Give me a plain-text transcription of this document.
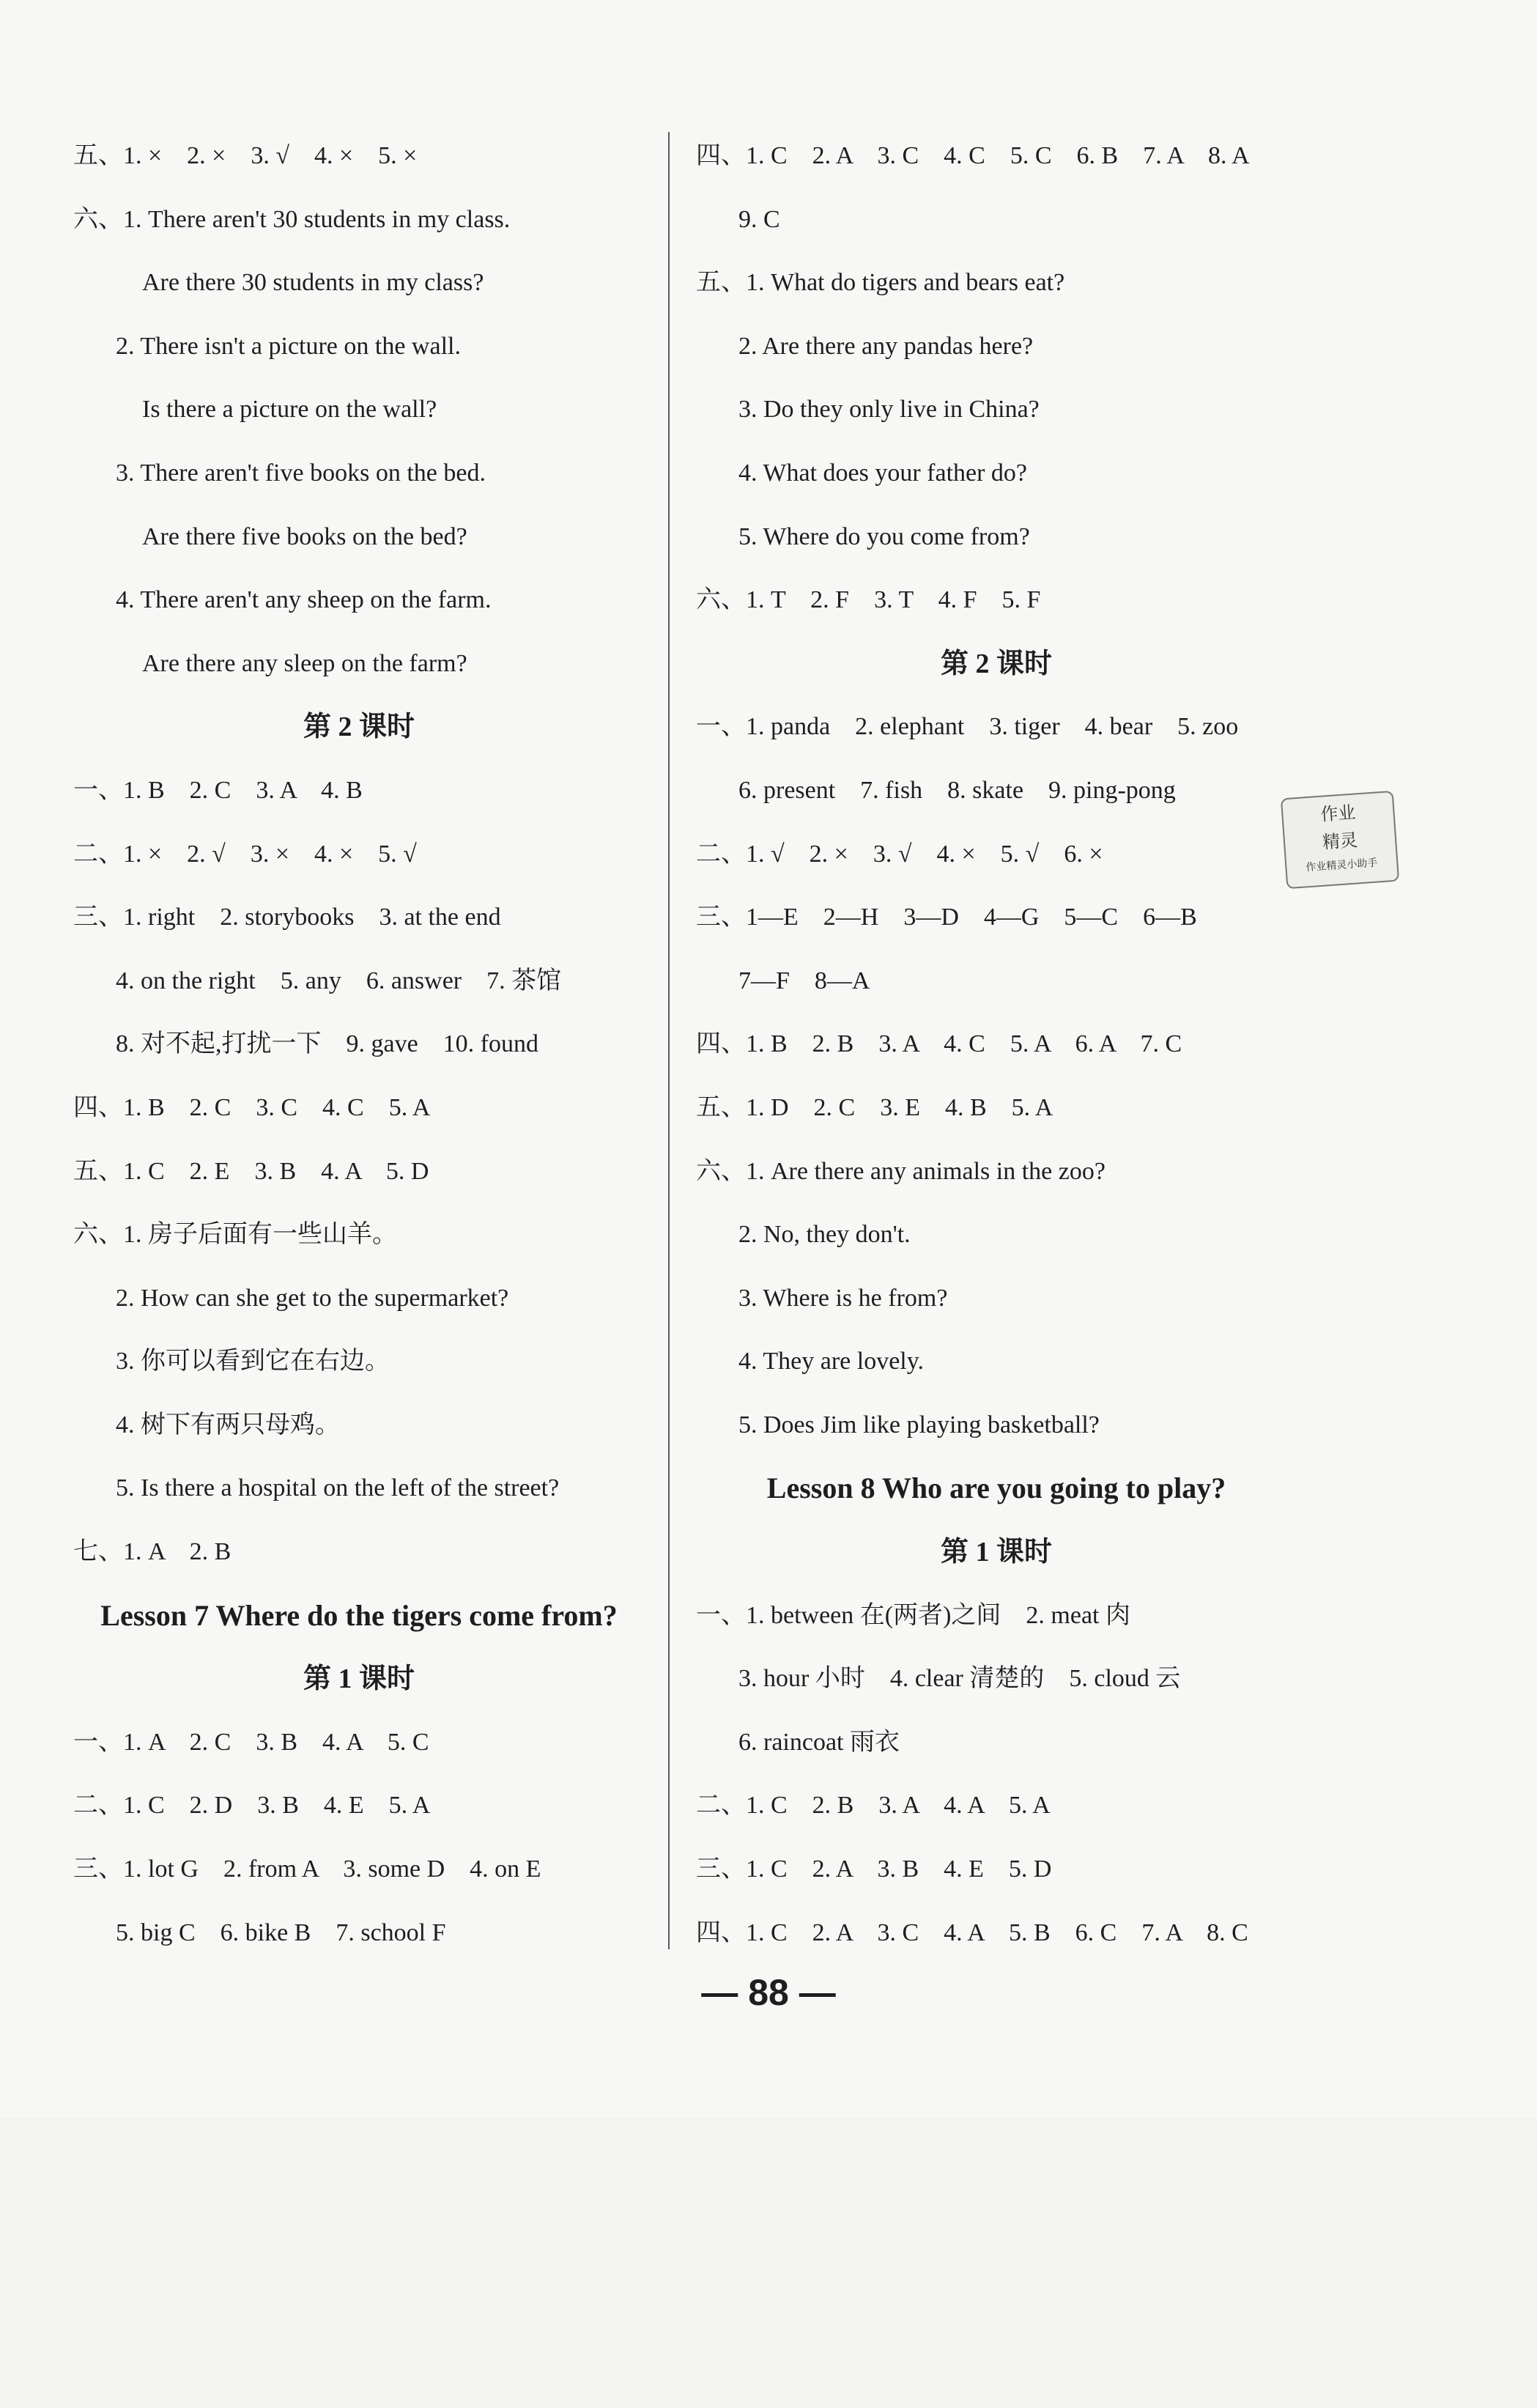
五、1. ×　2. ×　3. √　4. ×　5. ×
六、1. There aren't 30 students in my class.
Are there 30 students in my class?
2. There isn't a picture on the wall.
Is there a picture on the wall?
3. There aren't five books on the bed.
Are there five books on the bed?
4. There aren't any sheep on the farm.
Are there any sleep on the farm?
第 2 课时
一、1. B　2. C　3. A　4. B
二、1. ×　2. √　3. ×　4. ×　5. √
三、1. right　2. storybooks　3. at the end
4. on the right　5. any　6. answer　7. 茶馆
8. 对不起,打扰一下　9. gave　10. found
四、1. B　2. C　3. C　4. C　5. A
五、1. C　2. E　3. B　4. A　5. D
六、1. 房子后面有一些山羊。
2. How can she get to the supermarket?
3. 你可以看到它在右边。
4. 树下有两只母鸡。
5. Is there a hospital on the left of the street?
七、1. A　2. B
Lesson 7 Where do the tigers come from?
第 1 课时
一、1. A　2. C　3. B　4. A　5. C
二、1. C　2. D　3. B　4. E　5. A
三、1. lot G　2. from A　3. some D　4. on E
5. big C　6. bike B　7. school F
四、1. C　2. A　3. C　4. C　5. C　6. B　7. A　8. A
9. C
五、1. What do tigers and bears eat?
2. Are there any pandas here?
3. Do they only live in China?
4. What does your father do?
5. Where do you come from?
六、1. T　2. F　3. T　4. F　5. F
第 2 课时
一、1. panda　2. elephant　3. tiger　4. bear　5. zoo
6. present　7. fish　8. skate　9. ping-pong
二、1. √　2. ×　3. √　4. ×　5. √　6. ×
三、1—E　2—H　3—D　4—G　5—C　6—B
7—F　8—A
四、1. B　2. B　3. A　4. C　5. A　6. A　7. C
五、1. D　2. C　3. E　4. B　5. A
六、1. Are there any animals in the zoo?
2. No, they don't.
3. Where is he from?
4. They are lovely.
5. Does Jim like playing basketball?
Lesson 8 Who are you going to play?
第 1 课时
一、1. between 在(两者)之间　2. meat 肉
3. hour 小时　4. clear 清楚的　5. cloud 云
6. raincoat 雨衣
二、1. C　2. B　3. A　4. A　5. A
三、1. C　2. A　3. B　4. E　5. D
四、1. C　2. A　3. C　4. A　5. B　6. C　7. A　8. C
作业
精灵
作业精灵小助手
— 88 —
